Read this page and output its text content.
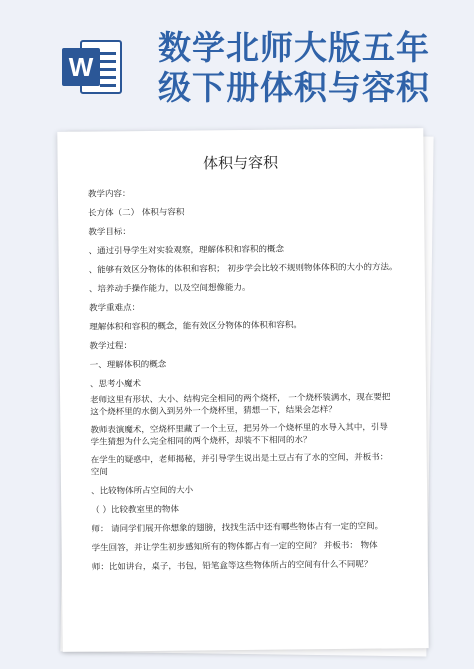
W 数学北师大版五年
级下册体积与容积
体积与容积
教学内容：
长方体（二） 体积与容积
教学目标：
、通过引导学生对实验观察，理解体积和容积的概念
、能够有效区分物体的体积和容积； 初步学会比较不规则物体体积的大小的方法。
、培养动手操作能力，以及空间想像能力。
教学重难点：
理解体积和容积的概念，能有效区分物体的体积和容积。
教学过程：
一、理解体积的概念
、思考小魔术
老师这里有形状、大小、结构完全相同的两个烧杯， 一个烧杯装满水，现在要把
这个烧杯里的水倒入到另外一个烧杯里，猜想一下，结果会怎样？
教师表演魔术，空烧杯里藏了一个土豆，把另外一个烧杯里的水导入其中，引导
学生猜想为什么完全相同的两个烧杯，却装不下相同的水？
在学生的疑惑中，老师揭秘，并引导学生说出是土豆占有了水的空间，并板书：
空间
、比较物体所占空间的大小
（ ）比较教室里的物体
师： 请同学们展开你想象的翅膀，找找生活中还有哪些物体占有一定的空间。
学生回答，并让学生初步感知所有的物体都占有一定的空间？ 并板书： 物体
师：比如讲台，桌子，书包，铅笔盒等这些物体所占的空间有什么不同呢？
